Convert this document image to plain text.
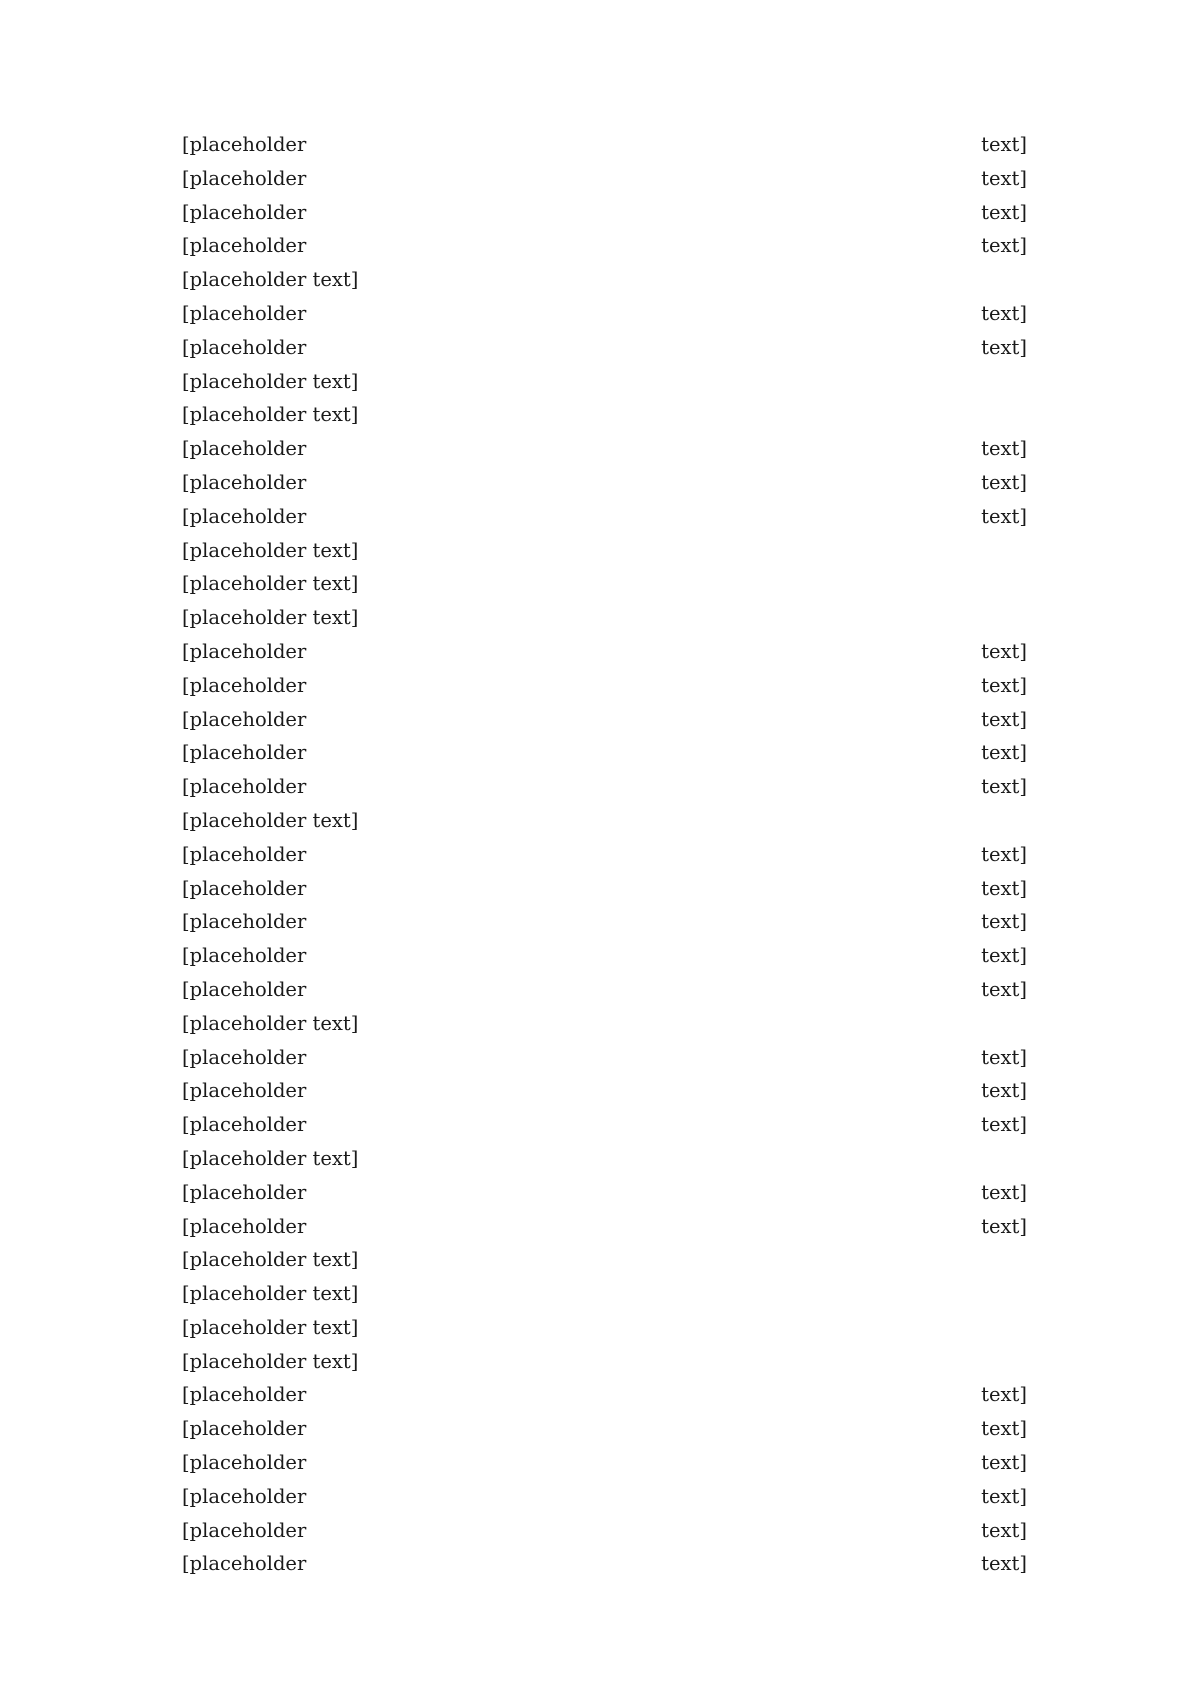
[placeholder text]
[placeholder text]
[placeholder text]
[placeholder text]
[placeholder text]
[placeholder text]
[placeholder text]
[placeholder text]
[placeholder text]
[placeholder text]
[placeholder text]
[placeholder text]
[placeholder text]
[placeholder text]
[placeholder text]
[placeholder text]
[placeholder text]
[placeholder text]
[placeholder text]
[placeholder text]
[placeholder text]
[placeholder text]
[placeholder text]
[placeholder text]
[placeholder text]
[placeholder text]
[placeholder text]
[placeholder text]
[placeholder text]
[placeholder text]
[placeholder text]
[placeholder text]
[placeholder text]
[placeholder text]
[placeholder text]
[placeholder text]
[placeholder text]
[placeholder text]
[placeholder text]
[placeholder text]
[placeholder text]
[placeholder text]
[placeholder text]
